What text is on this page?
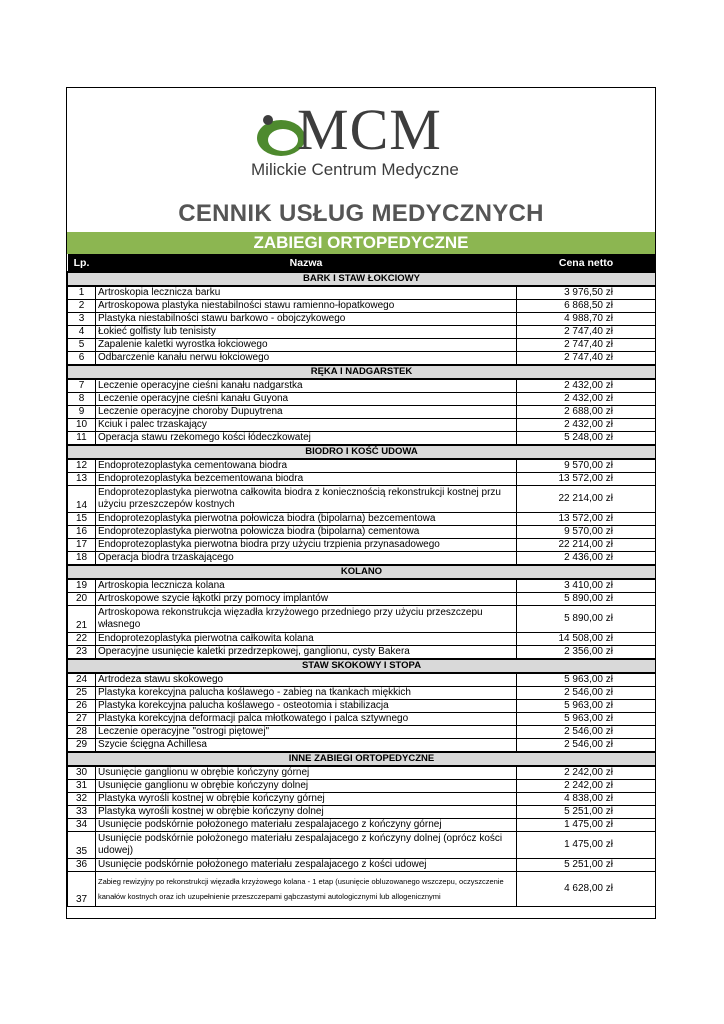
MCM
Milickie Centrum Medyczne
CENNIK USŁUG MEDYCZNYCH
ZABIEGI ORTOPEDYCZNE
Lp.	Nazwa	Cena netto
BARK I STAW ŁOKCIOWY		
1	Artroskopia lecznicza barku	3 976,50 zł
2	Artroskopowa plastyka niestabilności stawu ramienno-łopatkowego	6 868,50 zł
3	Plastyka niestabilności stawu barkowo - obojczykowego	4 988,70 zł
4	Łokieć golfisty lub tenisisty	2 747,40 zł
5	Zapalenie kaletki wyrostka łokciowego	2 747,40 zł
6	Odbarczenie kanału nerwu łokciowego	2 747,40 zł
RĘKA I NADGARSTEK		
7	Leczenie operacyjne cieśni kanału nadgarstka	2 432,00 zł
8	Leczenie operacyjne cieśni kanału Guyona	2 432,00 zł
9	Leczenie operacyjne choroby Dupuytrena	2 688,00 zł
10	Kciuk i palec trzaskający	2 432,00 zł
11	Operacja stawu rzekomego kości łódeczkowatej	5 248,00 zł
BIODRO I KOŚĆ UDOWA		
12	Endoprotezoplastyka cementowana biodra	9 570,00 zł
13	Endoprotezoplastyka bezcementowana biodra	13 572,00 zł
14	Endoprotezoplastyka pierwotna całkowita biodra z koniecznością rekonstrukcji kostnej przu użyciu przeszczepów kostnych	22 214,00 zł
15	Endoprotezoplastyka pierwotna połowicza biodra (bipolarna) bezcementowa	13 572,00 zł
16	Endoprotezoplastyka pierwotna połowicza biodra (bipolarna) cementowa	9 570,00 zł
17	Endoprotezoplastyka pierwotna biodra przy użyciu trzpienia przynasadowego	22 214,00 zł
18	Operacja biodra trzaskającego	2 436,00 zł
KOLANO		
19	Artroskopia lecznicza kolana	3 410,00 zł
20	Artroskopowe szycie łąkotki przy pomocy implantów	5 890,00 zł
21	Artroskopowa rekonstrukcja więzadła krzyżowego przedniego przy użyciu przeszczepu własnego	5 890,00 zł
22	Endoprotezoplastyka pierwotna całkowita kolana	14 508,00 zł
23	Operacyjne usunięcie kaletki przedrzepkowej, ganglionu, cysty Bakera	2 356,00 zł
STAW SKOKOWY I STOPA		
24	Artrodeza stawu skokowego	5 963,00 zł
25	Plastyka korekcyjna palucha koślawego - zabieg na tkankach miękkich	2 546,00 zł
26	Plastyka korekcyjna palucha koślawego - osteotomia i stabilizacja	5 963,00 zł
27	Plastyka korekcyjna deformacji palca młotkowatego i palca sztywnego	5 963,00 zł
28	Leczenie operacyjne "ostrogi piętowej"	2 546,00 zł
29	Szycie ścięgna Achillesa	2 546,00 zł
INNE ZABIEGI ORTOPEDYCZNE		
30	Usunięcie ganglionu w obrębie kończyny górnej	2 242,00 zł
31	Usunięcie ganglionu w obrębie kończyny dolnej	2 242,00 zł
32	Plastyka wyrośli kostnej w obrębie kończyny górnej	4 838,00 zł
33	Plastyka wyrośli kostnej w obrębie kończyny dolnej	5 251,00 zł
34	Usunięcie podskórnie położonego materiału zespalajacego z kończyny górnej	1 475,00 zł
35	Usunięcie podskórnie położonego materiału zespalajacego z kończyny dolnej (oprócz kości udowej)	1 475,00 zł
36	Usunięcie podskórnie położonego materiału zespalajacego z kości udowej	5 251,00 zł
37	Zabieg rewizyjny po rekonstrukcji więzadła krzyżowego kolana - 1 etap (usunięcie obluzowanego wszczepu, oczyszczenie kanałów kostnych oraz ich uzupełnienie przeszczepami gąbczastymi autologicznymi lub allogenicznymi	4 628,00 zł
